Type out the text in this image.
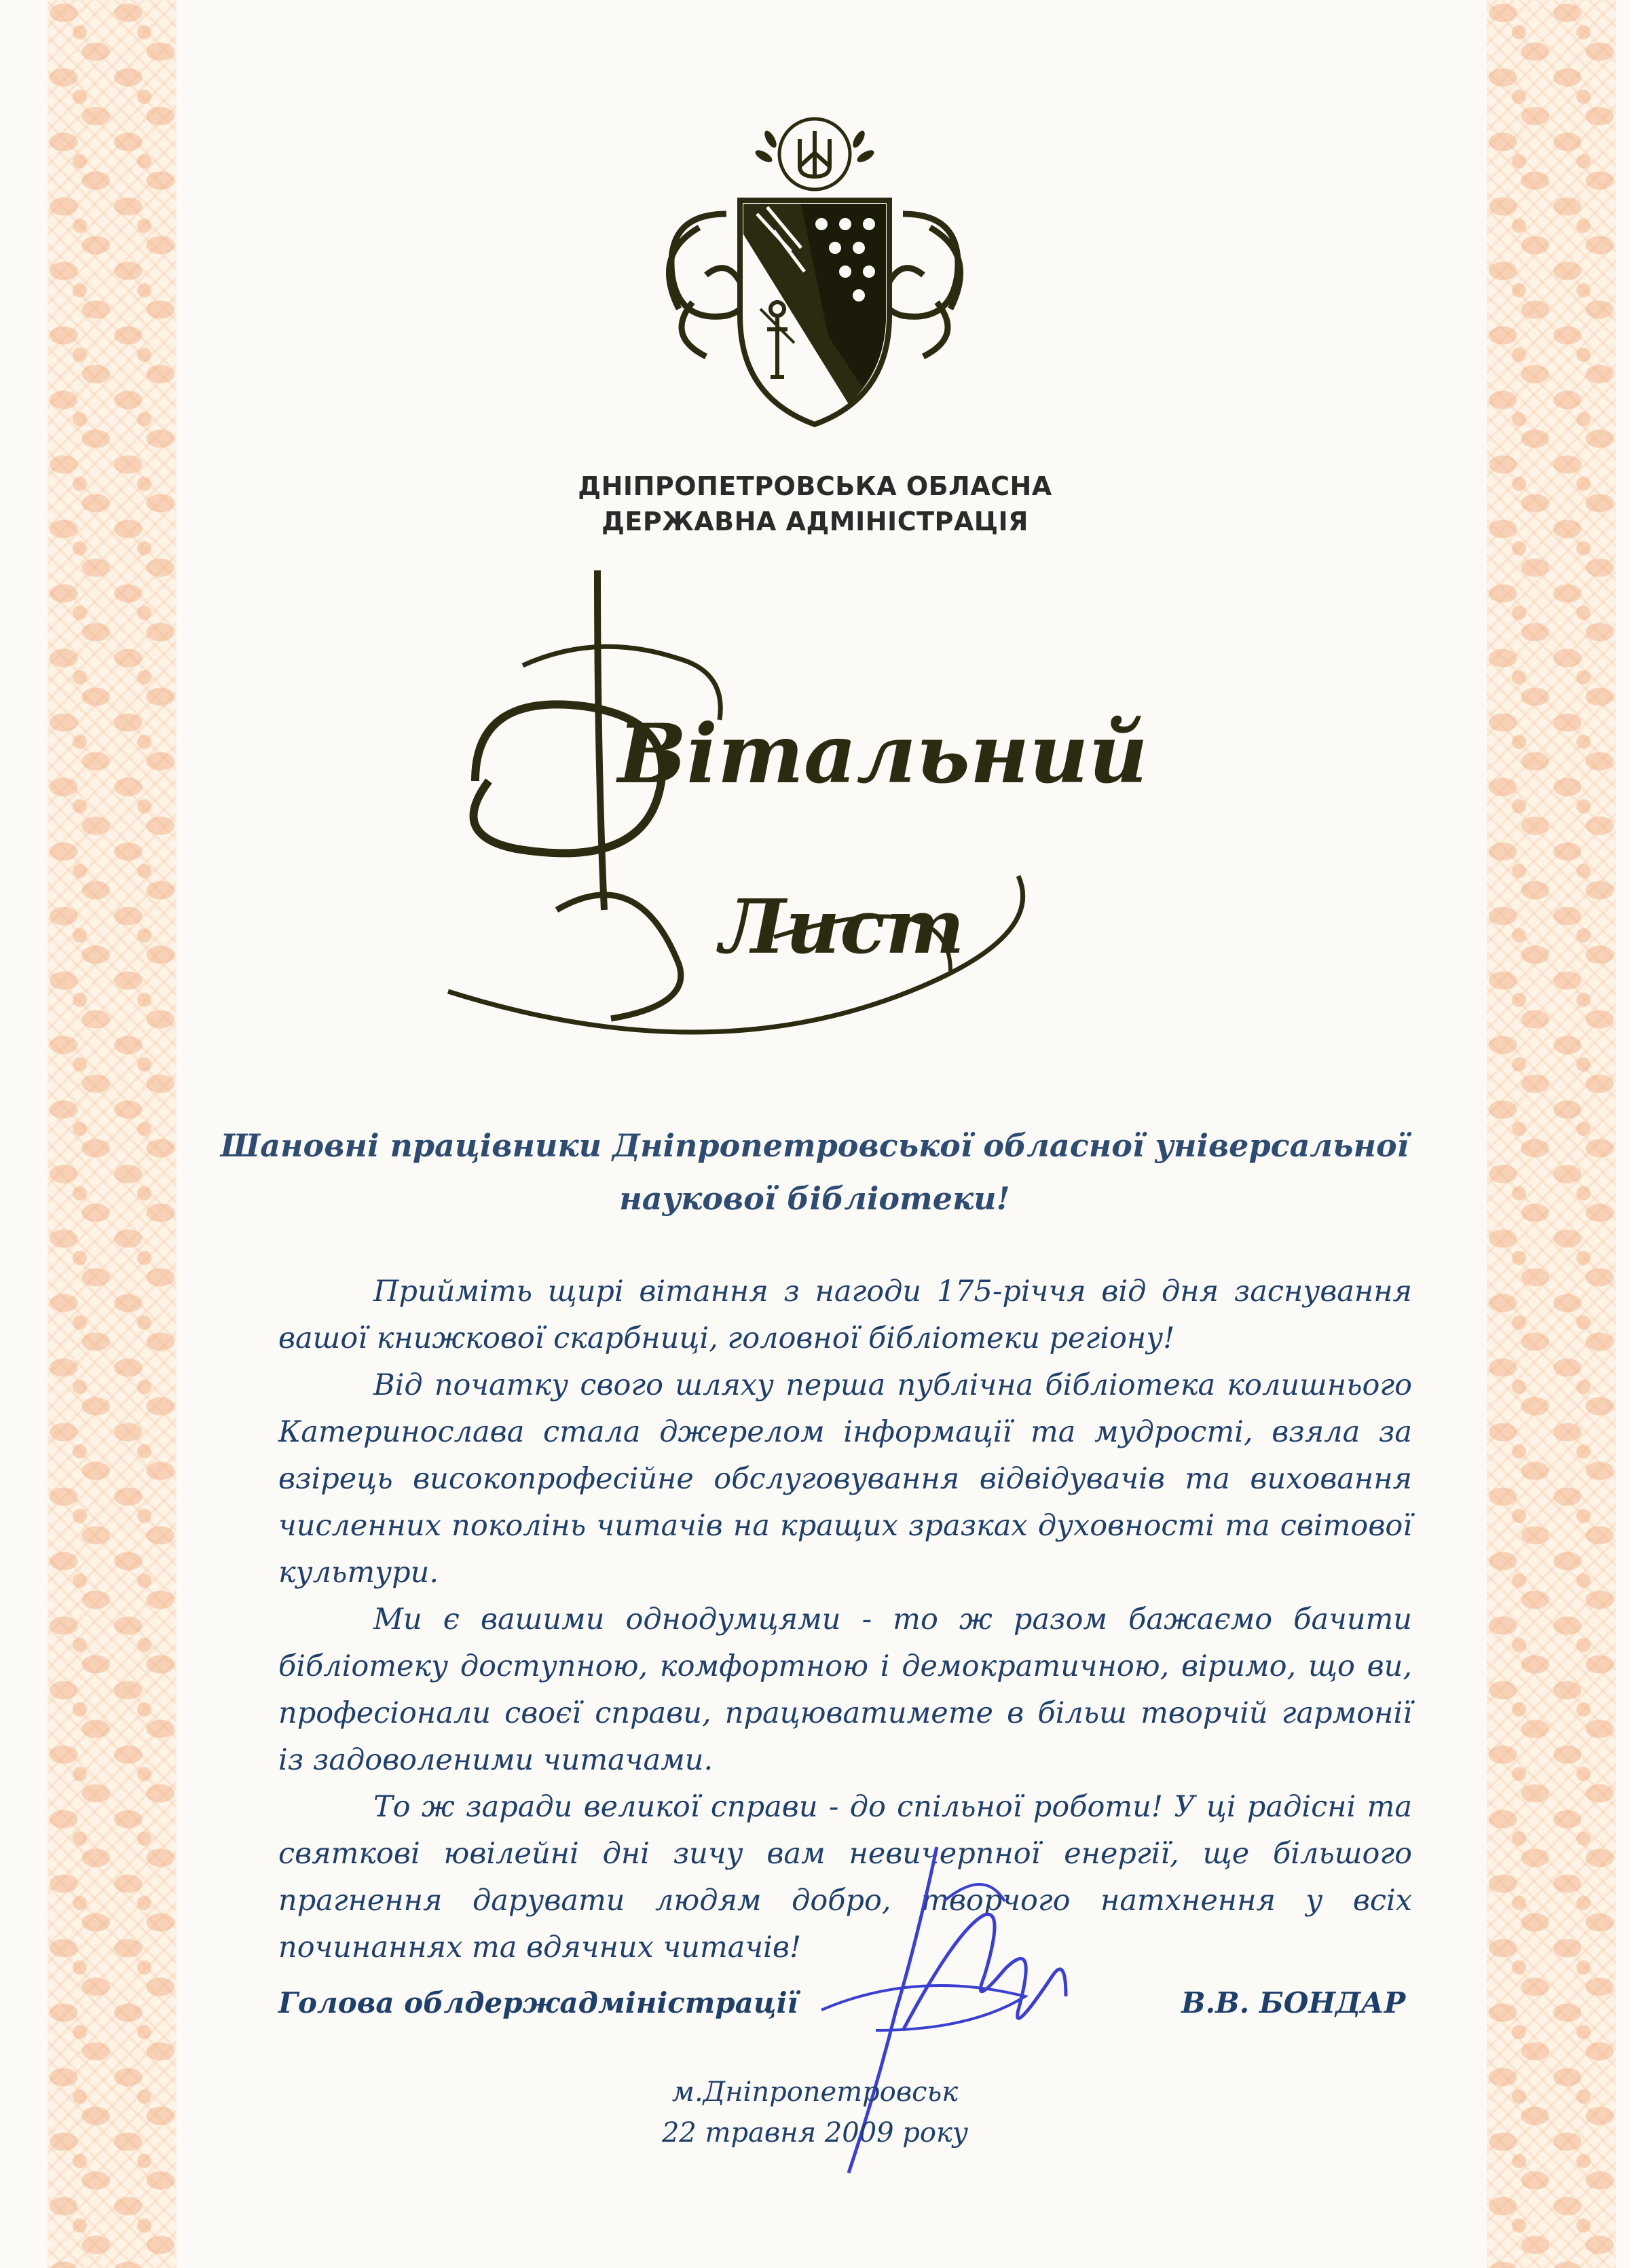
ДНІПРОПЕТРОВСЬКА ОБЛАСНА
ДЕРЖАВНА АДМІНІСТРАЦІЯ
Вітальний
Лист
Шановні працівники Дніпропетровської обласної універсальної
наукової бібліотеки!

Прийміть щирі вітання з нагоди 175-річчя від дня заснування вашої книжкової скарбниці, головної бібліотеки регіону!

Від початку свого шляху перша публічна бібліотека колишнього Катеринослава стала джерелом інформації та мудрості, взяла за взірець високопрофесійне обслуговування відвідувачів та виховання численних поколінь читачів на кращих зразках духовності та світової культури.

Ми є вашими однодумцями - то ж разом бажаємо бачити бібліотеку доступною, комфортною і демократичною, віримо, що ви, професіонали своєї справи, працюватимете в більш творчій гармонії із задоволеними читачами.

То ж заради великої справи - до спільної роботи! У ці радісні та святкові ювілейні дні зичу вам невичерпної енергії, ще більшого прагнення дарувати людям добро, творчого натхнення у всіх починаннях та вдячних читачів!

Голова облдержадміністрації	В.В. БОНДАР
м.Дніпропетровськ
22 травня 2009 року
